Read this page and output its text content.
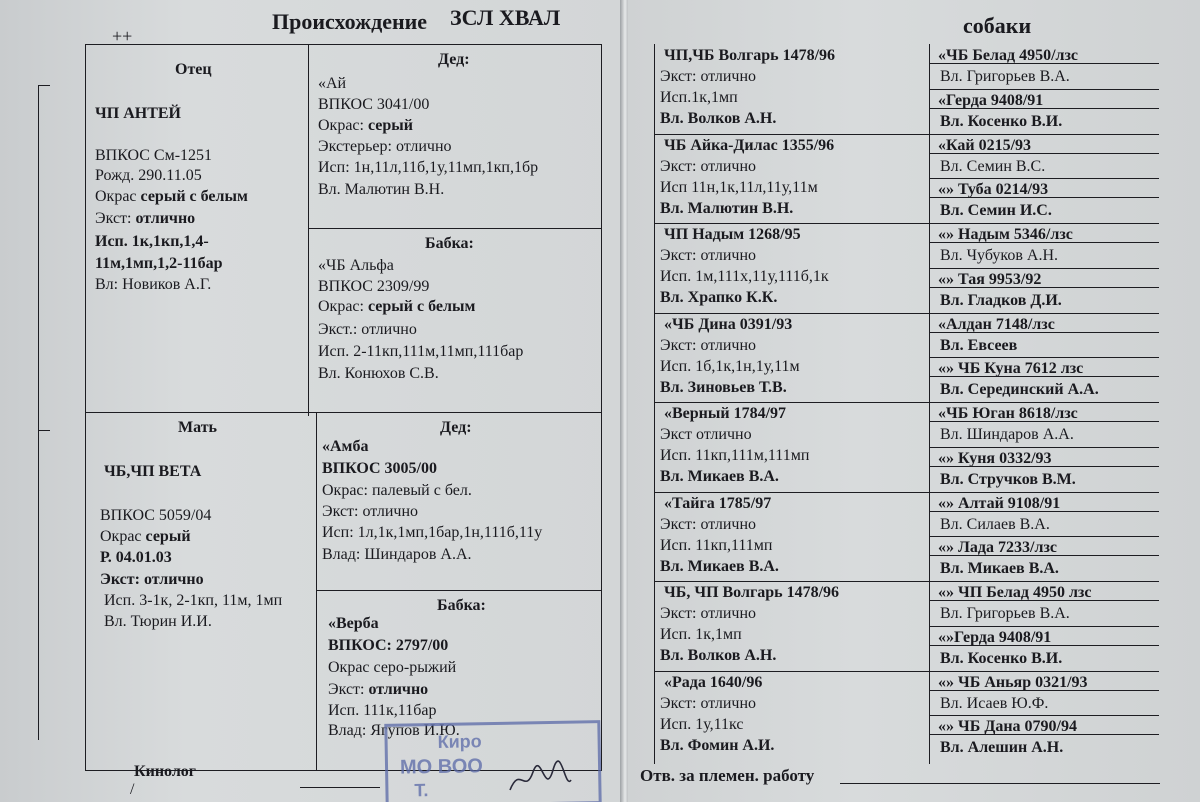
++
Происхождение ЗСЛ ХВАЛ
Отец
ЧП АНТЕЙ
ВПКОС См-1251
Рожд. 290.11.05
Окрас серый с белым
Экст: отлично
Исп. 1к,1кп,1,4-
11м,1мп,1,2-11бар
Вл: Новиков А.Г.
Дед:
«Ай
ВПКОС 3041/00
Окрас: серый
Экстерьер: отлично
Исп: 1н,11л,11б,1у,11мп,1кп,1бр
Вл. Малютин В.Н.
Бабка:
«ЧБ Альфа
ВПКОС 2309/99
Окрас: серый с белым
Экст.: отлично
Исп. 2-11кп,111м,11мп,111бар
Вл. Конюхов С.В.
Мать
ЧБ,ЧП ВЕТА
ВПКОС 5059/04
Окрас серый
Р. 04.01.03
Экст: отлично
Исп. 3-1к, 2-1кп, 11м, 1мп
Вл. Тюрин И.И.
Дед:
«Амба
ВПКОС 3005/00
Окрас: палевый с бел.
Экст: отлично
Исп: 1л,1к,1мп,1бар,1н,111б,11у
Влад: Шиндаров А.А.
Бабка:
«Верба
ВПКОС: 2797/00
Окрас серо-рыжий
Экст: отлично
Исп. 111к,11бар
Влад: Ягупов И.Ю.
Кинолог
/
Киро
МО ВОО
Т.
собаки
ЧП,ЧБ Волгарь 1478/96
Экст: отлично
Исп.1к,1мп
Вл. Волков А.Н.
ЧБ Айка-Дилас 1355/96
Экст: отлично
Исп 11н,1к,11л,11у,11м
Вл. Малютин В.Н.
ЧП Надым 1268/95
Экст: отлично
Исп. 1м,111х,11у,111б,1к
Вл. Храпко К.К.
«ЧБ Дина 0391/93
Экст: отлично
Исп. 1б,1к,1н,1у,11м
Вл. Зиновьев Т.В.
«Верный 1784/97
Экст отлично
Исп. 11кп,111м,111мп
Вл. Микаев В.А.
«Тайга 1785/97
Экст: отлично
Исп. 11кп,111мп
Вл. Микаев В.А.
ЧБ, ЧП Волгарь 1478/96
Экст: отлично
Исп. 1к,1мп
Вл. Волков А.Н.
«Рада 1640/96
Экст: отлично
Исп. 1у,11кс
Вл. Фомин А.И.
«ЧБ Белад 4950/лзс
Вл. Григорьев В.А.
«Герда 9408/91
Вл. Косенко В.И.
«Кай 0215/93
Вл. Семин В.С.
«» Туба 0214/93
Вл. Семин И.С.
«» Надым 5346/лзс
Вл. Чубуков А.Н.
«» Тая 9953/92
Вл. Гладков Д.И.
«Алдан 7148/лзс
Вл. Евсеев
«» ЧБ Куна 7612 лзс
Вл. Серединский А.А.
«ЧБ Юган 8618/лзс
Вл. Шиндаров А.А.
«» Куня 0332/93
Вл. Стручков В.М.
«» Алтай 9108/91
Вл. Силаев В.А.
«» Лада 7233/лзс
Вл. Микаев В.А.
«» ЧП Белад 4950 лзс
Вл. Григорьев В.А.
«»Герда 9408/91
Вл. Косенко В.И.
«» ЧБ Аньяр 0321/93
Вл. Исаев Ю.Ф.
«» ЧБ Дана 0790/94
Вл. Алешин А.Н.
Отв. за племен. работу
